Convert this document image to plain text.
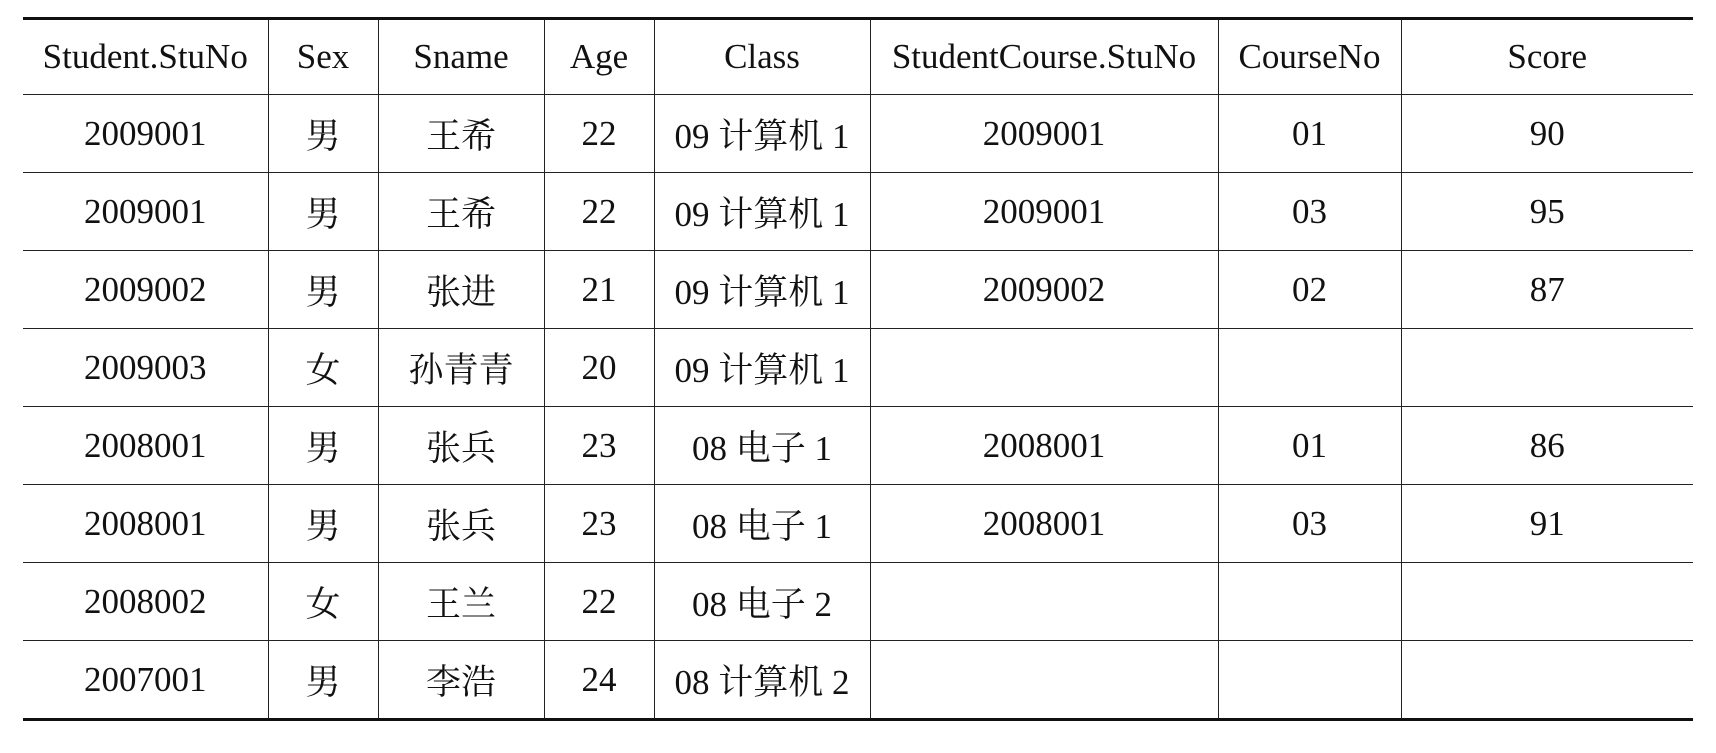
Student.StuNo	Sex	Sname	Age	Class	StudentCourse.StuNo	CourseNo	Score
2009001	男	王希	22	09 计算机 1	2009001	01	90
2009001	男	王希	22	09 计算机 1	2009001	03	95
2009002	男	张进	21	09 计算机 1	2009002	02	87
2009003	女	孙青青	20	09 计算机 1			
2008001	男	张兵	23	08 电子 1	2008001	01	86
2008001	男	张兵	23	08 电子 1	2008001	03	91
2008002	女	王兰	22	08 电子 2			
2007001	男	李浩	24	08 计算机 2			
